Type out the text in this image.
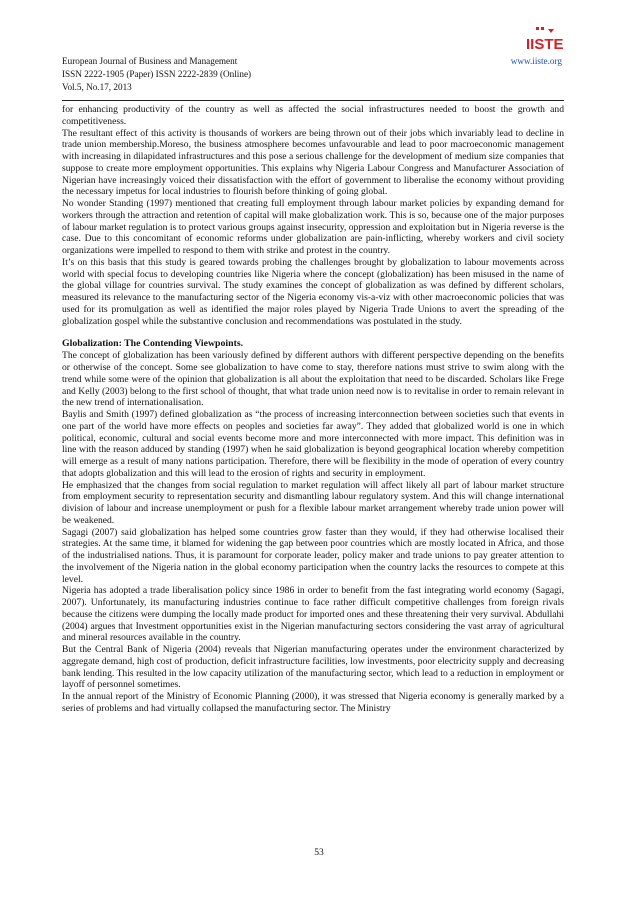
European Journal of Business and Management
ISSN 2222-1905 (Paper) ISSN 2222-2839 (Online)
Vol.5, No.17, 2013
www.iiste.org
IISTE

for enhancing productivity of the country as well as affected the social infrastructures needed to boost the growth and competitiveness.

The resultant effect of this activity is thousands of workers are being thrown out of their jobs which invariably lead to decline in trade union membership.Moreso, the business atmosphere becomes unfavourable and lead to poor macroeconomic management with increasing in dilapidated infrastructures and this pose a serious challenge for the development of medium size companies that suppose to create more employment opportunities. This explains why Nigeria Labour Congress and Manufacturer Association of Nigerian have increasingly voiced their dissatisfaction with the effort of government to liberalise the economy without providing the necessary impetus for local industries to flourish before thinking of going global.

No wonder Standing (1997) mentioned that creating full employment through labour market policies by expanding demand for workers through the attraction and retention of capital will make globalization work. This is so, because one of the major purposes of labour market regulation is to protect various groups against insecurity, oppression and exploitation but in Nigeria reverse is the case. Due to this concomitant of economic reforms under globalization are pain-inflicting, whereby workers and civil society organizations were impelled to respond to them with strike and protest in the country.

It’s on this basis that this study is geared towards probing the challenges brought by globalization to labour movements across world with special focus to developing countries like Nigeria where the concept (globalization) has been misused in the name of the global village for countries survival. The study examines the concept of globalization as was defined by different scholars, measured its relevance to the manufacturing sector of the Nigeria economy vis-a-viz with other macroeconomic policies that was used for its promulgation as well as identified the major roles played by Nigeria Trade Unions to avert the spreading of the globalization gospel while the substantive conclusion and recommendations was postulated in the study.

Globalization: The Contending Viewpoints.

The concept of globalization has been variously defined by different authors with different perspective depending on the benefits or otherwise of the concept. Some see globalization to have come to stay, therefore nations must strive to swim along with the trend while some were of the opinion that globalization is all about the exploitation that need to be discarded. Scholars like Frege and Kelly (2003) belong to the first school of thought, that what trade union need now is to revitalise in order to remain relevant in the new trend of internationalisation.

Baylis and Smith (1997) defined globalization as “the process of increasing interconnection between societies such that events in one part of the world have more effects on peoples and societies far away”. They added that globalized world is one in which political, economic, cultural and social events become more and more interconnected with more impact. This definition was in line with the reason adduced by standing (1997) when he said globalization is beyond geographical location whereby competition will emerge as a result of many nations participation. Therefore, there will be flexibility in the mode of operation of every country that adopts globalization and this will lead to the erosion of rights and security in employment.

He emphasized that the changes from social regulation to market regulation will affect likely all part of labour market structure from employment security to representation security and dismantling labour regulatory system. And this will change international division of labour and increase unemployment or push for a flexible labour market arrangement whereby trade union power will be weakened.

Sagagi (2007) said globalization has helped some countries grow faster than they would, if they had otherwise localised their strategies. At the same time, it blamed for widening the gap between poor countries which are mostly located in Africa, and those of the industrialised nations. Thus, it is paramount for corporate leader, policy maker and trade unions to pay greater attention to the involvement of the Nigeria nation in the global economy participation when the country lacks the resources to compete at this level.

Nigeria has adopted a trade liberalisation policy since 1986 in order to benefit from the fast integrating world economy (Sagagi, 2007). Unfortunately, its manufacturing industries continue to face rather difficult competitive challenges from foreign rivals because the citizens were dumping the locally made product for imported ones and these threatening their very survival. Abdullahi (2004) argues that Investment opportunities exist in the Nigerian manufacturing sectors considering the vast array of agricultural and mineral resources available in the country.

But the Central Bank of Nigeria (2004) reveals that Nigerian manufacturing operates under the environment characterized by aggregate demand, high cost of production, deficit infrastructure facilities, low investments, poor electricity supply and decreasing bank lending. This resulted in the low capacity utilization of the manufacturing sector, which lead to a reduction in employment or layoff of personnel sometimes.

In the annual report of the Ministry of Economic Planning (2000), it was stressed that Nigeria economy is generally marked by a series of problems and had virtually collapsed the manufacturing sector. The Ministry

53
